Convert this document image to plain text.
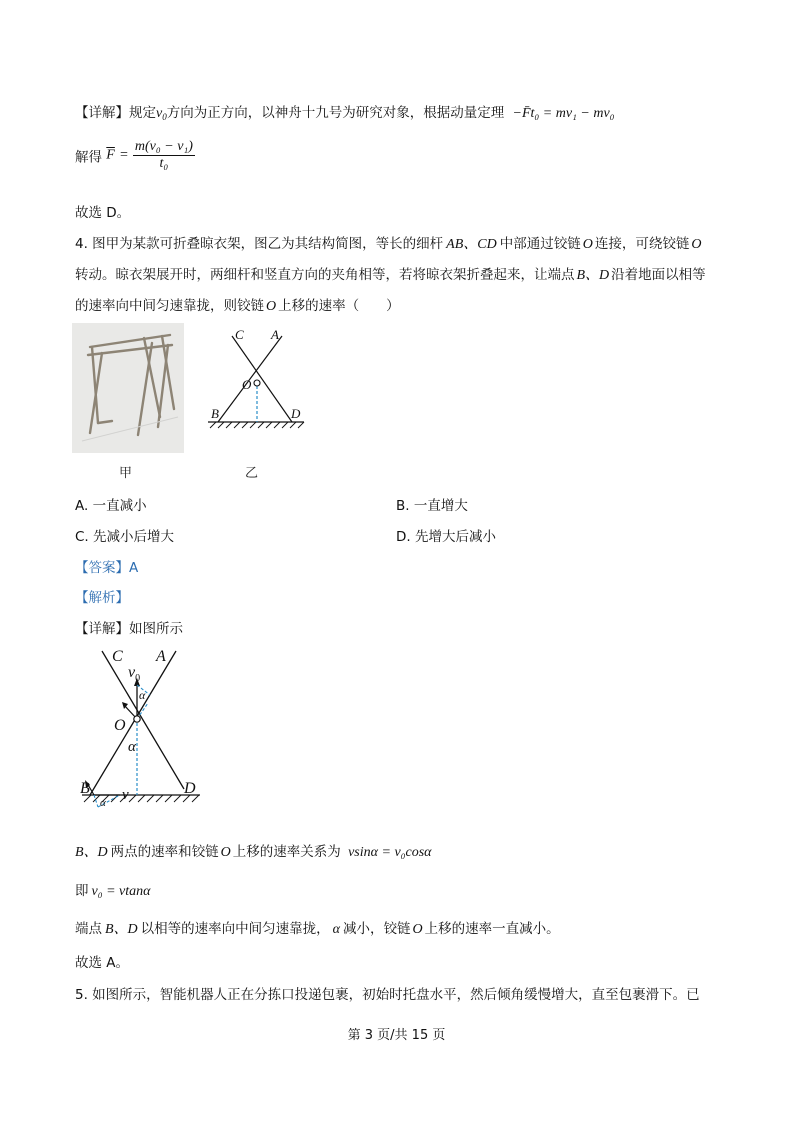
【详解】规定$v_0$方向为正方向，以神舟十九号为研究对象，根据动量定理 −F̄t₀ = mv₁ − mv₀
解得 $\overline{F} = \frac{\text{m(v₀ − v₁)}}{\text{t₀}}$
故选 D。
4. 图甲为某款可折叠晾衣架，图乙为其结构简图，等长的细杆 AB、CD 中部通过铰链 O 连接，可绕铰链 O
转动。晾衣架展开时，两细杆和竖直方向的夹角相等，若将晾衣架折叠起来，让端点 B、D 沿着地面以相等
的速率向中间匀速靠拢，则铰链 O 上移的速率（　　）
甲
C A
O
B	D
乙
A. 一直减小	B. 一直增大
C. 先减小后增大	D. 先增大后减小
【答案】A
【解析】
【详解】如图所示
C A
$v_0$
α
O
α
B	D
v
α
B、D 两点的速率和铰链 O 上移的速率关系为 vsinα = v₀cosα
即 v₀ = vtanα
端点 B、D 以相等的速率向中间匀速靠拢， α 减小，铰链 O 上移的速率一直减小。
故选 A。
5. 如图所示，智能机器人正在分拣口投递包裹，初始时托盘水平，然后倾角缓慢增大，直至包裹滑下。已
第 3 页/共 15 页
